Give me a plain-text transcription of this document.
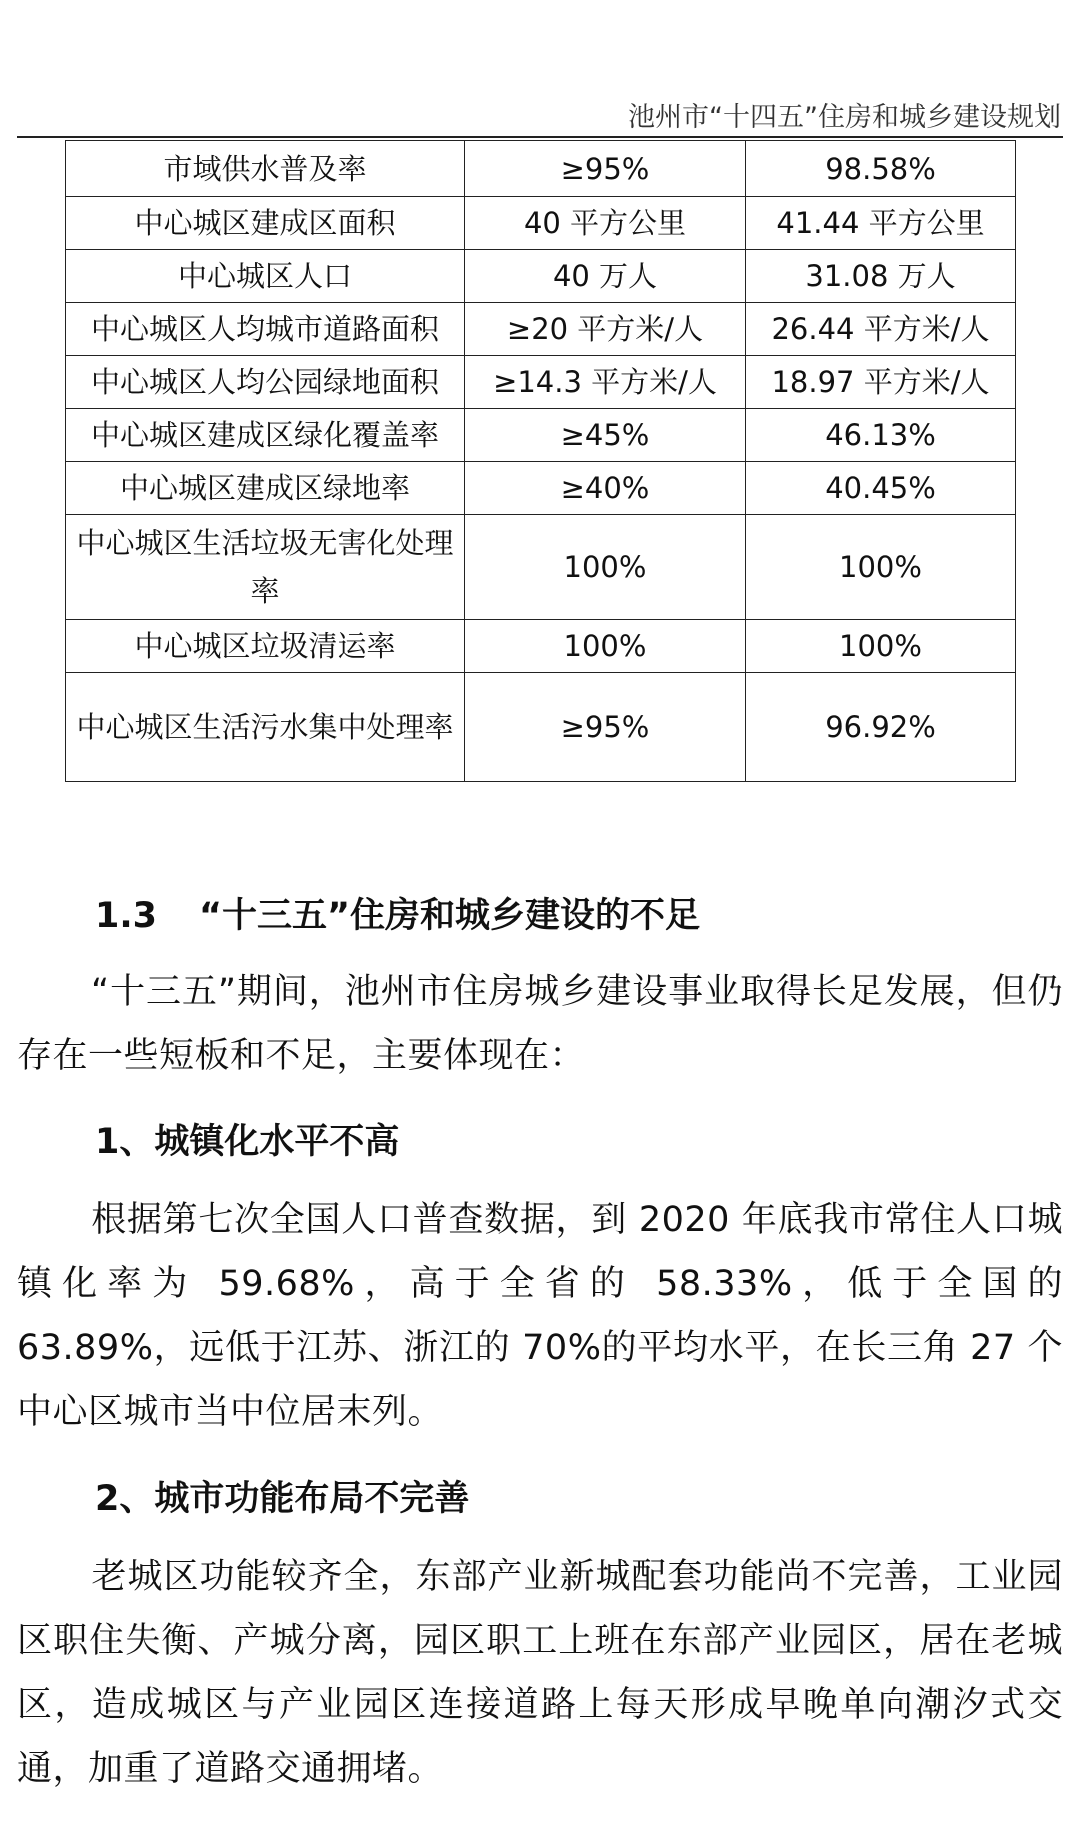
池州市“十四五”住房和城乡建设规划
市域供水普及率	≥95%	98.58%
中心城区建成区面积	40 平方公里	41.44 平方公里
中心城区人口	40 万人	31.08 万人
中心城区人均城市道路面积	≥20 平方米/人	26.44 平方米/人
中心城区人均公园绿地面积	≥14.3 平方米/人	18.97 平方米/人
中心城区建成区绿化覆盖率	≥45%	46.13%
中心城区建成区绿地率	≥40%	40.45%
中心城区生活垃圾无害化处理率	100%	100%
中心城区垃圾清运率	100%	100%
中心城区生活污水集中处理率	≥95%	96.92%
1.3 “十三五”住房和城乡建设的不足
“十三五”期间，池州市住房城乡建设事业取得长足发展，但仍存在一些短板和不足，主要体现在：
1、城镇化水平不高
根据第七次全国人口普查数据，到 2020 年底我市常住人口城镇化率为 59.68%，高于全省的 58.33%，低于全国的 63.89%，远低于江苏、浙江的 70%的平均水平，在长三角 27 个中心区城市当中位居末列。
2、城市功能布局不完善
老城区功能较齐全，东部产业新城配套功能尚不完善，工业园区职住失衡、产城分离，园区职工上班在东部产业园区，居在老城区，造成城区与产业园区连接道路上每天形成早晚单向潮汐式交通，加重了道路交通拥堵。
